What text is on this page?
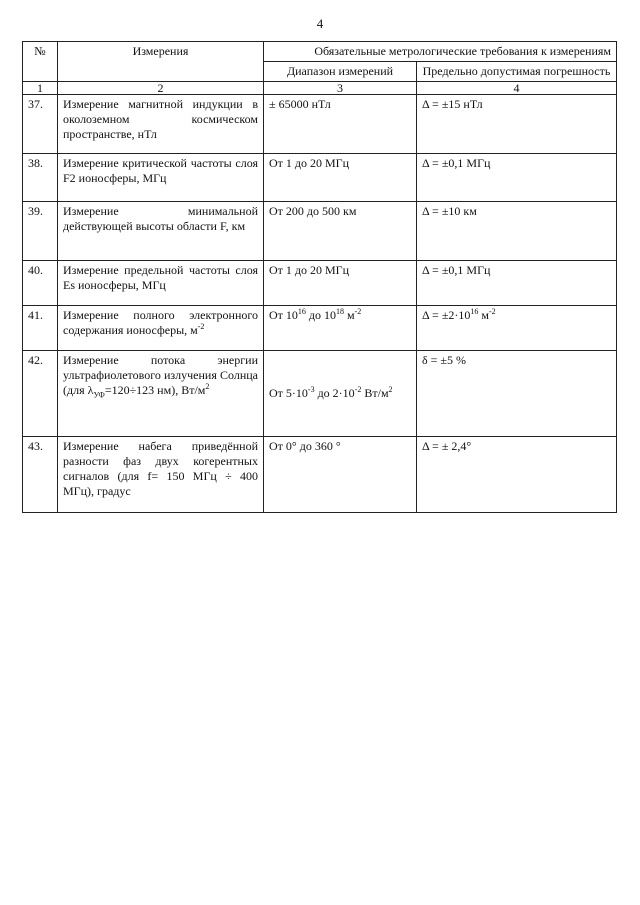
4
№	Измерения	Обязательные метрологические требования к измерениям	
		Диапазон измерений	Предельно допустимая погрешность
1	2	3	4
37.	Измерение магнитной индукции в околоземном космическом пространстве, нТл	± 65000 нТл	Δ = ±15 нТл
38.	Измерение критической частоты слоя F2 ионосферы, МГц	От 1 до 20 МГц	Δ = ±0,1 МГц
39.	Измерение минимальной действующей высоты области F, км	От 200 до 500 км	Δ = ±10 км
40.	Измерение предельной частоты слоя Es ионосферы, МГц	От 1 до 20 МГц	Δ = ±0,1 МГц
41.	Измерение полного электронного содержания ионосферы, $м^{-2}$	От $10^{16}$ до $10^{18}$ $м^{-2}$	$\Delta = \pm 2\cdot 10^{16}$ $м^{-2}$
42.	Измерение потока энергии ультрафиолетового излучения Солнца (для $\lambda_{УФ}=120\div 123$ нм), $Вт/м^2$	От $5\cdot 10^{-3}$ до $2\cdot 10^{-2}$ $Вт/м^2$	δ = ±5 %
43.	Измерение набега приведённой разности фаз двух когерентных сигналов (для f= 150 МГц ÷ 400 МГц), градус	От 0° до 360 °	Δ = ± 2,4°
